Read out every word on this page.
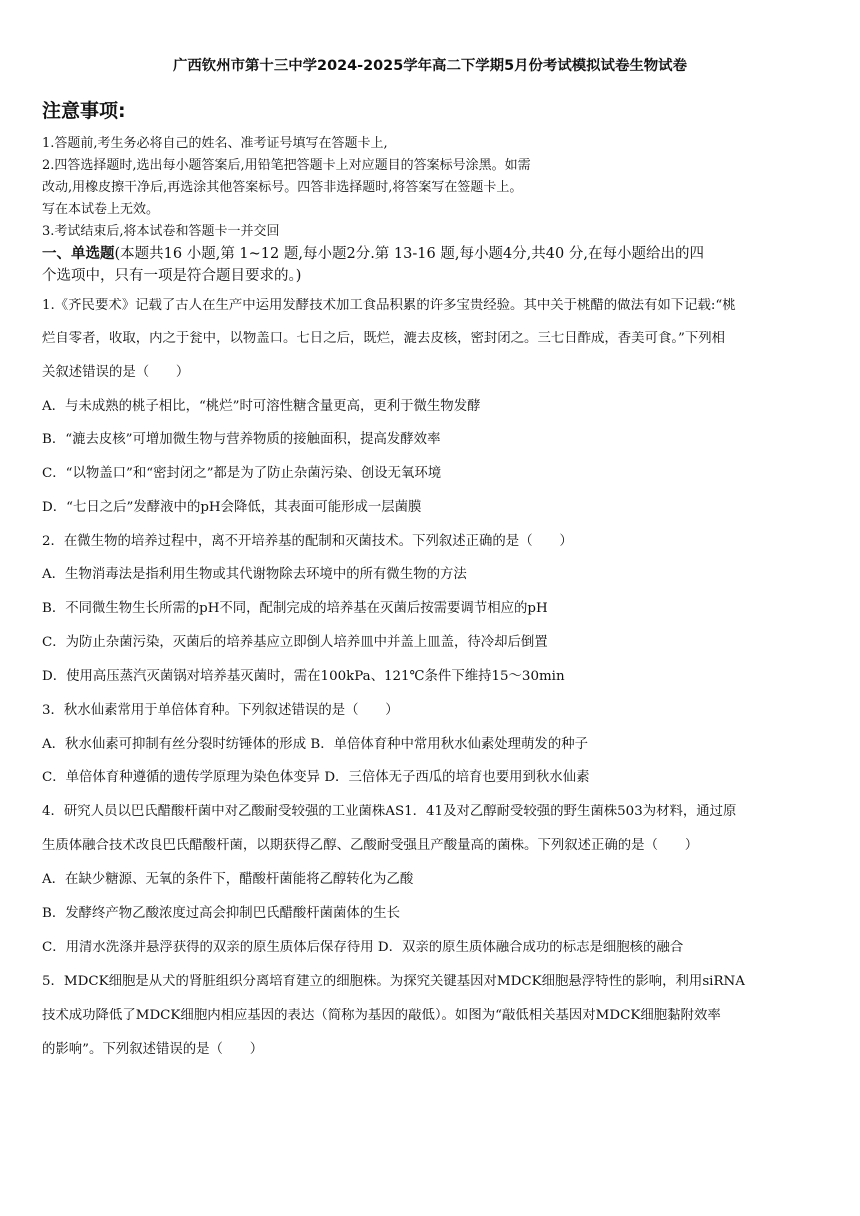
广西钦州市第十三中学2024-2025学年高二下学期5月份考试模拟试卷生物试卷
注意事项:
1.答题前,考生务必将自己的姓名、准考证号填写在答题卡上,
2.四答选择题时,选出每小题答案后,用铅笔把答题卡上对应题目的答案标号涂黑。如需
改动,用橡皮擦干净后,再选涂其他答案标号。四答非选择题时,将答案写在签题卡上。
写在本试卷上无效。
3.考试结束后,将本试卷和答题卡一并交回
一、单选题(本题共16 小题,第 1~12 题,每小题2分.第 13-16 题,每小题4分,共40 分,在每小题给出的四
个选项中，只有一项是符合题目要求的。)
1.《齐民要术》记载了古人在生产中运用发酵技术加工食品积累的许多宝贵经验。其中关于桃醋的做法有如下记载:“桃
烂自零者，收取，内之于瓮中，以物盖口。七日之后，既烂，漉去皮核，密封闭之。三七日酢成，香美可食。”下列相
关叙述错误的是（　　）
A．与未成熟的桃子相比，“桃烂”时可溶性糖含量更高，更利于微生物发酵
B．“漉去皮核”可增加微生物与营养物质的接触面积，提高发酵效率
C．“以物盖口”和“密封闭之”都是为了防止杂菌污染、创设无氧环境
D．“七日之后”发酵液中的pH会降低，其表面可能形成一层菌膜
2．在微生物的培养过程中，离不开培养基的配制和灭菌技术。下列叙述正确的是（　　）
A．生物消毒法是指利用生物或其代谢物除去环境中的所有微生物的方法
B．不同微生物生长所需的pH不同，配制完成的培养基在灭菌后按需要调节相应的pH
C．为防止杂菌污染，灭菌后的培养基应立即倒人培养皿中并盖上皿盖，待冷却后倒置
D．使用高压蒸汽灭菌锅对培养基灭菌时，需在100kPa、121℃条件下维持15～30min
3．秋水仙素常用于单倍体育种。下列叙述错误的是（　　）
A．秋水仙素可抑制有丝分裂时纺锤体的形成 B．单倍体育种中常用秋水仙素处理萌发的种子
C．单倍体育种遵循的遗传学原理为染色体变异 D．三倍体无子西瓜的培育也要用到秋水仙素
4．研究人员以巴氏醋酸杆菌中对乙酸耐受较强的工业菌株AS1．41及对乙醇耐受较强的野生菌株503为材料，通过原
生质体融合技术改良巴氏醋酸杆菌，以期获得乙醇、乙酸耐受强且产酸量高的菌株。下列叙述正确的是（　　）
A．在缺少糖源、无氧的条件下，醋酸杆菌能将乙醇转化为乙酸
B．发酵终产物乙酸浓度过高会抑制巴氏醋酸杆菌菌体的生长
C．用清水洗涤并悬浮获得的双亲的原生质体后保存待用 D．双亲的原生质体融合成功的标志是细胞核的融合
5．MDCK细胞是从犬的肾脏组织分离培育建立的细胞株。为探究关键基因对MDCK细胞悬浮特性的影响，利用siRNA
技术成功降低了MDCK细胞内相应基因的表达（简称为基因的敲低）。如图为“敲低相关基因对MDCK细胞黏附效率
的影响”。下列叙述错误的是（　　）
